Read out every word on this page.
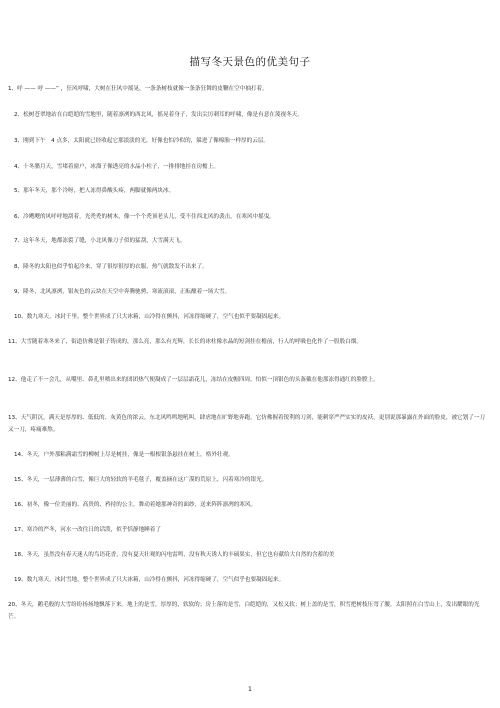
描写冬天景色的优美句子
1、呼 —— 呼 ——” ，狂风呼啸，大树在狂风中摇晃，一条条树枝就像一条条狂舞的皮鞭在空中抽打着。
2、松树苍翠地站在白皑皑的雪地里，随着凛冽的西北风，摇晃着身子，发出尖厉刺耳的呼啸，像是有意在蔑视冬天。
3、刚到下午　4 点多，太阳就已经收起它那淡淡的光，好像也怕冷似的，躲进了像棉胎一样厚的云层。
4、十冬腊月天，雪堵着窗户，冰溜子像透亮的水晶小柱子，一排排地挂在房檐上。
5、那年冬天，那个冷呀，把人冻得鼻酸头疼，两脚就像两块冰。
6、冷飕飕的风呼呼地刮着，光秃秃的树木，像一个个秃顶老头儿，受不住西北风的袭击，在寒风中摇曳。
7、这年冬天，地都冻裂了缝，小北风像刀子似的猛刮，大雪满天飞。
8、隆冬的太阳也似乎怕起冷来，穿了很厚很厚的衣服，热气就散发不出来了。
9、隆冬，北风凛冽，银灰色的云块在天空中奔腾驰骋，寒流滚滚，正酝酿着一场大雪。
10、数九寒天，冰封千里，整个世界成了只大冰箱，山冷得在颤抖，河冻得缩硬了，空气也似乎要凝固起来。
11、大雪随着寒冬来了，街道仿佛是银子铸成的，那么亮，那么有光辉，长长的冰柱像水晶的短剑挂在檐前，行人的呼吸也化作了一股股白烟。
12、他走了不一会儿，从嘴里、鼻孔里喷出来的团团热气便凝成了一层层霜花儿，冻结在皮帽四周，怕似一顶银色的头盔戴在他那冻得通红的脸膛上。
13、天气阴沉，满天是厚厚的、低低的、灰黄色的浓云。东北风鸣鸣地吼叫，肆虐地在旷野地奔跑，它仿佛握着锐利的刀剑，能刺穿严严实实的皮袄，更别说那暴露在外面的脸皮，被它划了一刀又一刀，疼痛难熬。
14、冬天，户外那粘满霜雪的柳树上尽是树挂，像是一根根银条悬挂在树上，格外壮观。
15、冬天，一层薄薄的白雪，像巨大的轻软的羊毛毯子，覆盖摘在这广漠的荒原上，闪着寒冷的银光。
16、初冬，像一位美丽的、高贵的、矜持的公主，舞动着她那神奇的面纱，送来阵阵凛冽的寒风。
17、寒冷的严冬，河水一改往日的话泼，似乎恬静地睡着了
18、冬天，虽然没有春天迷人的鸟语花香，没有夏天壮观的闪电雷鸣，没有秋天诱人的丰硕果实，但它也有献给大自然的含蓄的美
19、数九寒天，冰封雪地，整个世界成了只大冰箱，山冷得在颤抖，河冻得缩硬了，空气似乎也要凝固起来。
20、冬天，鹅毛般的大雪纷纷扬扬地飘落下来。地上的是雪，厚厚的，软软的；房上落的是雪，白皑皑的，又松又软；树上盖的是雪，积雪把树枝压弯了腰。太阳照在白雪山上，发出耀眼的光芒。
1
